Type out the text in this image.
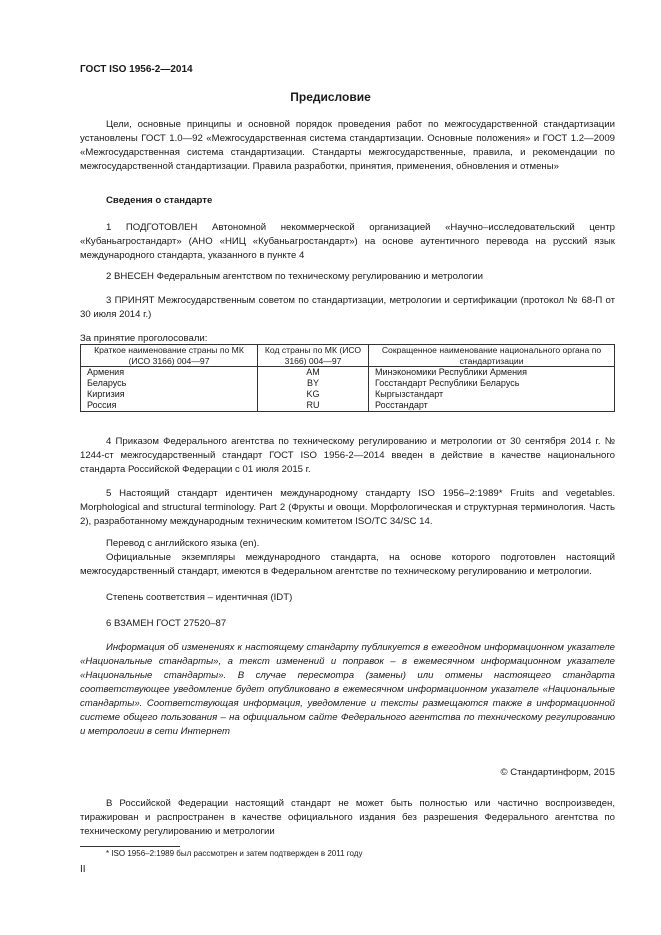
ГОСТ ISO 1956-2—2014
Предисловие
Цели, основные принципы и основной порядок проведения работ по межгосударственной стандартизации установлены ГОСТ 1.0—92 «Межгосударственная система стандартизации. Основные положения» и ГОСТ 1.2—2009 «Межгосударственная система стандартизации. Стандарты межгосударственные, правила, и рекомендации по межгосударственной стандартизации. Правила разработки, принятия, применения, обновления и отмены»
Сведения о стандарте
1 ПОДГОТОВЛЕН Автономной некоммерческой организацией «Научно–исследовательский центр «Кубаньагростандарт» (АНО «НИЦ «Кубаньагростандарт») на основе аутентичного перевода на русский язык международного стандарта, указанного в пункте 4
2 ВНЕСЕН Федеральным агентством по техническому регулированию и метрологии
3 ПРИНЯТ Межгосударственным советом по стандартизации, метрологии и сертификации (протокол № 68-П от 30 июля 2014 г.)
За принятие проголосовали:
Краткое наименование страны по МК (ИСО 3166) 004—97	Код страны по МК (ИСО 3166) 004—97	Сокращенное наименование национального органа по стандартизации
Армения	AM	Минэкономики Республики Армения
Беларусь	BY	Госстандарт Республики Беларусь
Киргизия	KG	Кыргызстандарт
Россия	RU	Росстандарт
4 Приказом Федерального агентства по техническому регулированию и метрологии от 30 сентября 2014 г. № 1244-ст межгосударственный стандарт ГОСТ ISO 1956-2—2014 введен в действие в качестве национального стандарта Российской Федерации с 01 июля 2015 г.
5 Настоящий стандарт идентичен международному стандарту ISO 1956–2:1989* Fruits and vegetables. Morphological and structural terminology. Part 2 (Фрукты и овощи. Морфологическая и структурная терминология. Часть 2), разработанному международным техническим комитетом ISO/TC 34/SC 14.
Перевод с английского языка (en).
Официальные экземпляры международного стандарта, на основе которого подготовлен настоящий межгосударственный стандарт, имеются в Федеральном агентстве по техническому регулированию и метрологии.
Степень соответствия – идентичная (IDT)
6 ВЗАМЕН ГОСТ 27520–87
Информация об изменениях к настоящему стандарту публикуется в ежегодном информационном указателе «Национальные стандарты», а текст изменений и поправок – в ежемесячном информационном указателе «Национальные стандарты». В случае пересмотра (замены) или отмены настоящего стандарта соответствующее уведомление будет опубликовано в ежемесячном информационном указателе «Национальные стандарты». Соответствующая информация, уведомление и тексты размещаются также в информационной системе общего пользования – на официальном сайте Федерального агентства по техническому регулированию и метрологии в сети Интернет
© Стандартинформ, 2015
В Российской Федерации настоящий стандарт не может быть полностью или частично воспроизведен, тиражирован и распространен в качестве официального издания без разрешения Федерального агентства по техническому регулированию и метрологии
* ISO 1956–2:1989 был рассмотрен и затем подтвержден в 2011 году
II
